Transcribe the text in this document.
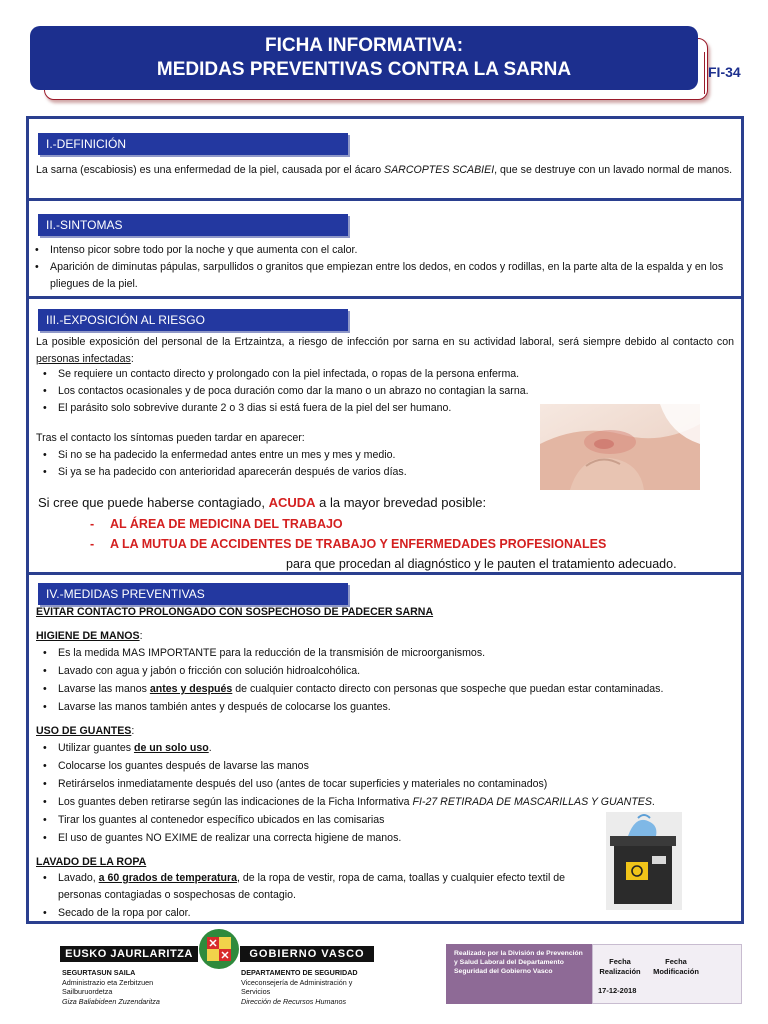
FICHA INFORMATIVA:
MEDIDAS PREVENTIVAS CONTRA LA SARNA	FI-34
I.-DEFINICIÓN
La sarna (escabiosis) es una enfermedad de la piel, causada por el ácaro SARCOPTES SCABIEI, que se destruye con un lavado normal de manos.
II.-SINTOMAS
• Intenso picor sobre todo por la noche y que aumenta con el calor.
• Aparición de diminutas pápulas, sarpullidos o granitos que empiezan entre los dedos, en codos y rodillas, en la parte alta de la espalda y en los pliegues de la piel.
III.-EXPOSICIÓN AL RIESGO
La posible exposición del personal de la Ertzaintza, a riesgo de infección por sarna en su actividad laboral, será siempre debido al contacto con personas infectadas:
• Se requiere un contacto directo y prolongado con la piel infectada, o ropas de la persona enferma.
• Los contactos ocasionales y de poca duración como dar la mano o un abrazo no contagian la sarna.
• El parásito solo sobrevive durante 2 o 3 dias si está fuera de la piel del ser humano.
Tras el contacto los síntomas pueden tardar en aparecer:
• Si no se ha padecido la enfermedad antes entre un mes y mes y medio.
• Si ya se ha padecido con anterioridad aparecerán después de varios días.
Si cree que puede haberse contagiado, ACUDA a la mayor brevedad posible:
- AL ÁREA DE MEDICINA DEL TRABAJO
- A LA MUTUA DE ACCIDENTES DE TRABAJO Y ENFERMEDADES PROFESIONALES
para que procedan al diagnóstico y le pauten el tratamiento adecuado.
IV.-MEDIDAS PREVENTIVAS
EVITAR CONTACTO PROLONGADO CON SOSPECHOSO DE PADECER SARNA
HIGIENE DE MANOS:
• Es la medida MAS IMPORTANTE para la reducción de la transmisión de microorganismos.
• Lavado con agua y jabón o fricción con solución hidroalcohólica.
• Lavarse las manos antes y después de cualquier contacto directo con personas que sospeche que puedan estar contaminadas.
• Lavarse las manos también antes y después de colocarse los guantes.
USO DE GUANTES:
• Utilizar guantes de un solo uso.
• Colocarse los guantes después de lavarse las manos
• Retirárselos inmediatamente después del uso (antes de tocar superficies y materiales no contaminados)
• Los guantes deben retirarse según las indicaciones de la Ficha Informativa FI-27 RETIRADA DE MASCARILLAS Y GUANTES.
• Tirar los guantes al contenedor específico ubicados en las comisarias
• El uso de guantes NO EXIME de realizar una correcta higiene de manos.
LAVADO DE LA ROPA
• Lavado, a 60 grados de temperatura, de la ropa de vestir, ropa de cama, toallas y cualquier efecto textil de personas contagiadas o sospechosas de contagio.
• Secado de la ropa por calor.
EUSKO JAURLARITZA	GOBIERNO VASCO
SEGURTASUN SAILA
Administrazio eta Zerbitzuen
Sailburuordetza
Giza Baliabideen Zuzendaritza
DEPARTAMENTO DE SEGURIDAD
Viceconsejería de Administración y
Servicios
Dirección de Recursos Humanos
Realizado por la División de Prevención y Salud Laboral del Departamento Seguridad del Gobierno Vasco
Fecha
Realización
Fecha
Modificación
17-12-2018
